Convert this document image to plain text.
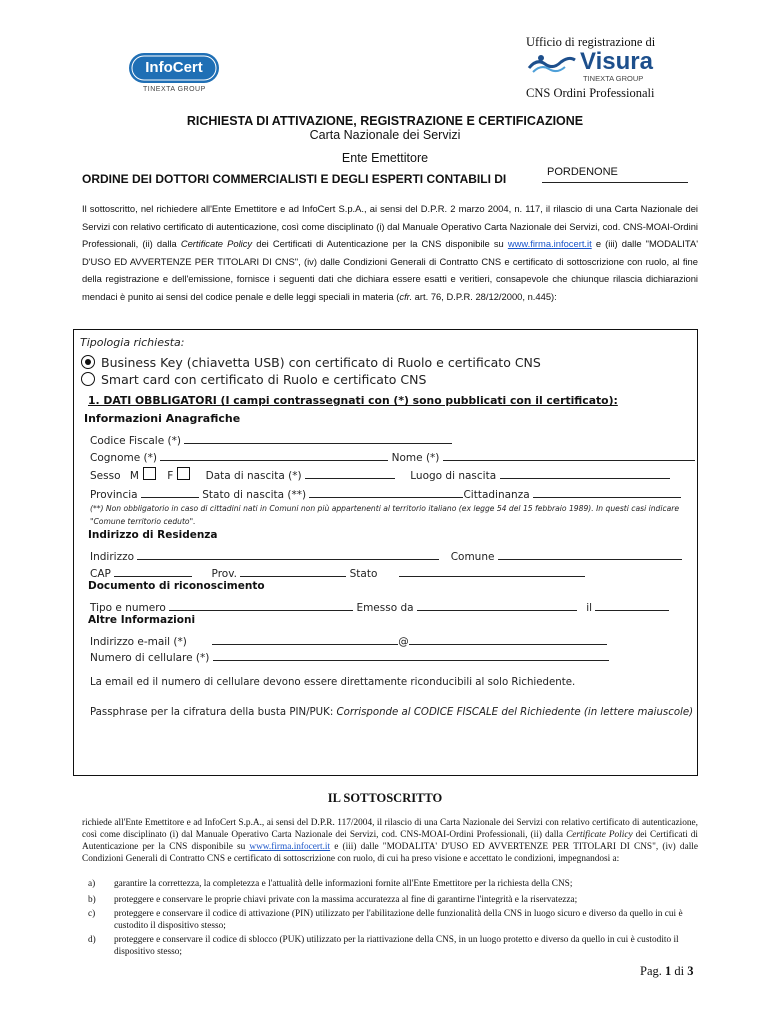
InfoCert
TINEXTA GROUP
Ufficio di registrazione di
Visura
TINEXTA GROUP
CNS Ordini Professionali
RICHIESTA DI ATTIVAZIONE, REGISTRAZIONE E CERTIFICAZIONE
Carta Nazionale dei Servizi
Ente Emettitore
ORDINE DEI DOTTORI COMMERCIALISTI E DEGLI ESPERTI CONTABILI DI	PORDENONE
Il sottoscritto, nel richiedere all'Ente Emettitore e ad InfoCert S.p.A., ai sensi del D.P.R. 2 marzo 2004, n. 117, il rilascio di una Carta Nazionale dei Servizi con relativo certificato di autenticazione, così come disciplinato (i) dal Manuale Operativo Carta Nazionale dei Servizi, cod. CNS-MOAI-Ordini Professionali, (ii) dalla Certificate Policy dei Certificati di Autenticazione per la CNS disponibile su www.firma.infocert.it e (iii) dalle "MODALITA' D'USO ED AVVERTENZE PER TITOLARI DI CNS", (iv) dalle Condizioni Generali di Contratto CNS e certificato di sottoscrizione con ruolo, al fine della registrazione e dell'emissione, fornisce i seguenti dati che dichiara essere esatti e veritieri, consapevole che chiunque rilascia dichiarazioni mendaci è punito ai sensi del codice penale e delle leggi speciali in materia (cfr. art. 76, D.P.R. 28/12/2000, n.445):
Tipologia richiesta:
Business Key (chiavetta USB) con certificato di Ruolo e certificato CNS
Smart card con certificato di Ruolo e certificato CNS
1. DATI OBBLIGATORI (I campi contrassegnati con (*) sono pubblicati con il certificato):
Informazioni Anagrafiche
Codice Fiscale (*)
Cognome (*)	Nome (*)
Sesso M	F	Data di nascita (*)	Luogo di nascita
Provincia	Stato di nascita (**)	Cittadinanza
(**) Non obbligatorio in caso di cittadini nati in Comuni non più appartenenti al territorio italiano (ex legge 54 del 15 febbraio 1989). In questi casi indicare "Comune territorio ceduto".
Indirizzo di Residenza
Indirizzo	Comune
CAP	Prov.	Stato
Documento di riconoscimento
Tipo e numero	Emesso da	il
Altre Informazioni
Indirizzo e-mail (*)	@
Numero di cellulare (*)
La email ed il numero di cellulare devono essere direttamente riconducibili al solo Richiedente.
Passphrase per la cifratura della busta PIN/PUK: Corrisponde al CODICE FISCALE del Richiedente (in lettere maiuscole)
IL SOTTOSCRITTO
richiede all'Ente Emettitore e ad InfoCert S.p.A., ai sensi del D.P.R. 117/2004, il rilascio di una Carta Nazionale dei Servizi con relativo certificato di autenticazione, così come disciplinato (i) dal Manuale Operativo Carta Nazionale dei Servizi, cod. CNS-MOAI-Ordini Professionali, (ii) dalla Certificate Policy dei Certificati di Autenticazione per la CNS disponibile su www.firma.infocert.it e (iii) dalle "MODALITA' D'USO ED AVVERTENZE PER TITOLARI DI CNS", (iv) dalle Condizioni Generali di Contratto CNS e certificato di sottoscrizione con ruolo, di cui ha preso visione e accettato le condizioni, impegnandosi a:
a) garantire la correttezza, la completezza e l'attualità delle informazioni fornite all'Ente Emettitore per la richiesta della CNS;
b) proteggere e conservare le proprie chiavi private con la massima accuratezza al fine di garantirne l'integrità e la riservatezza;
c) proteggere e conservare il codice di attivazione (PIN) utilizzato per l'abilitazione delle funzionalità della CNS in luogo sicuro e diverso da quello in cui è custodito il dispositivo stesso;
d) proteggere e conservare il codice di sblocco (PUK) utilizzato per la riattivazione della CNS, in un luogo protetto e diverso da quello in cui è custodito il dispositivo stesso;
Pag. 1 di 3
